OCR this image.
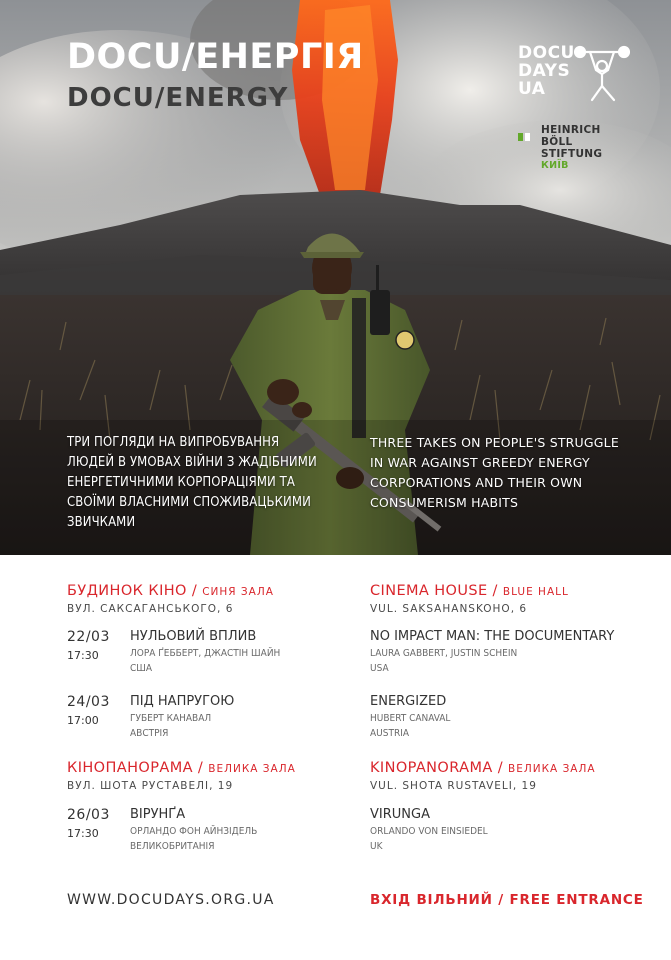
DOCU/ЕНЕРГІЯ
DOCU/ENERGY
DOCU
DAYS
UA
HEINRICH
BÖLL
STIFTUNG
КИЇВ
ТРИ ПОГЛЯДИ НА ВИПРОБУВАННЯ ЛЮДЕЙ В УМОВАХ ВІЙНИ З ЖАДІБНИМИ ЕНЕРГЕТИЧНИМИ КОРПОРАЦІЯМИ ТА СВОЇМИ ВЛАСНИМИ СПОЖИВАЦЬКИМИ ЗВИЧКАМИ
THREE TAKES ON PEOPLE'S STRUGGLE IN WAR AGAINST GREEDY ENERGY CORPORATIONS AND THEIR OWN CONSUMERISM HABITS
БУДИНОК КІНО / СИНЯ ЗАЛА
ВУЛ. САКСАГАНСЬКОГО, 6
22/03
17:30
НУЛЬОВИЙ ВПЛИВ
ЛОРА ҐЕББЕРТ, ДЖАСТІН ШАЙН
США
24/03
17:00
ПІД НАПРУГОЮ
ГУБЕРТ КАНАВАЛ
АВСТРІЯ
КІНОПАНОРАМА / ВЕЛИКА ЗАЛА
ВУЛ. ШОТА РУСТАВЕЛІ, 19
26/03
17:30
ВІРУНҐА
ОРЛАНДО ФОН АЙНЗІДЕЛЬ
ВЕЛИКОБРИТАНІЯ
CINEMA HOUSE / BLUE HALL
VUL. SAKSAHANSKOHO, 6
NO IMPACT MAN: THE DOCUMENTARY
LAURA GABBERT, JUSTIN SCHEIN
USA
ENERGIZED
HUBERT CANAVAL
AUSTRIA
KINOPANORAMA / ВЕЛИКА ЗАЛА
VUL. SHOTA RUSTAVELI, 19
VIRUNGA
ORLANDO VON EINSIEDEL
UK
WWW.DOCUDAYS.ORG.UA	ВХІД ВІЛЬНИЙ / FREE ENTRANCE
